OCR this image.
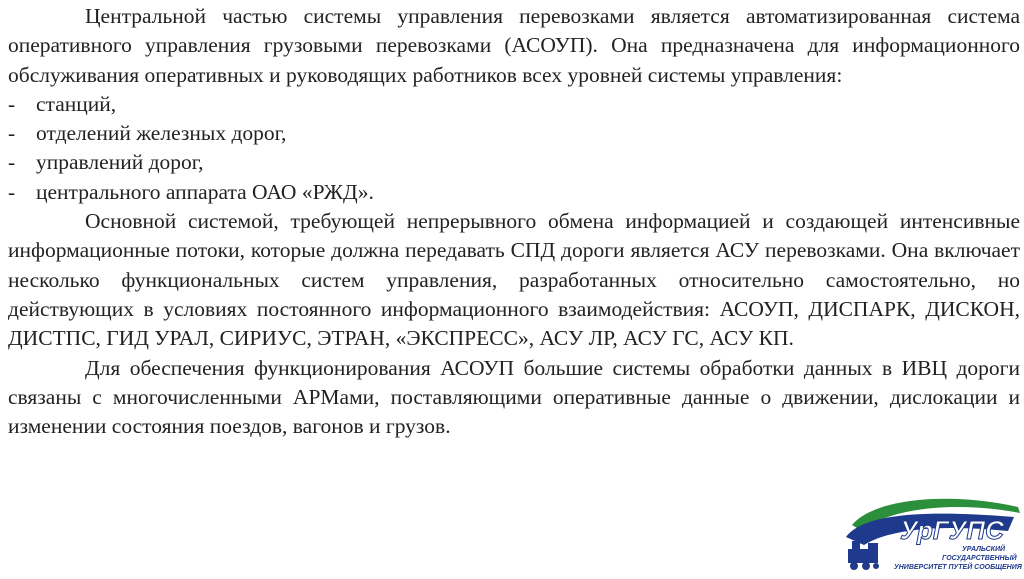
Центральной частью системы управления перевозками является автоматизированная система оперативного управления грузовыми перевозками (АСОУП). Она предназначена для информационного обслуживания оперативных и руководящих работников всех уровней системы управления:

- станций,
- отделений железных дорог,
- управлений дорог,
- центрального аппарата ОАО «РЖД».

Основной системой, требующей непрерывного обмена информацией и создающей интенсивные информационные потоки, которые должна передавать СПД дороги является АСУ перевозками. Она включает несколько функциональных систем управления, разработанных относительно самостоятельно, но действующих в условиях постоянного информационного взаимодействия: АСОУП, ДИСПАРК, ДИСКОН, ДИСТПС, ГИД УРАЛ, СИРИУС, ЭТРАН, «ЭКСПРЕСС», АСУ ЛР, АСУ ГС, АСУ КП.

Для обеспечения функционирования АСОУП большие системы обработки данных в ИВЦ дороги связаны с многочисленными АРМами, поставляющими оперативные данные о движении, дислокации и изменении состояния поездов, вагонов и грузов.

УрГУПС
УРАЛЬСКИЙ
ГОСУДАРСТВЕННЫЙ
УНИВЕРСИТЕТ ПУТЕЙ СООБЩЕНИЯ
